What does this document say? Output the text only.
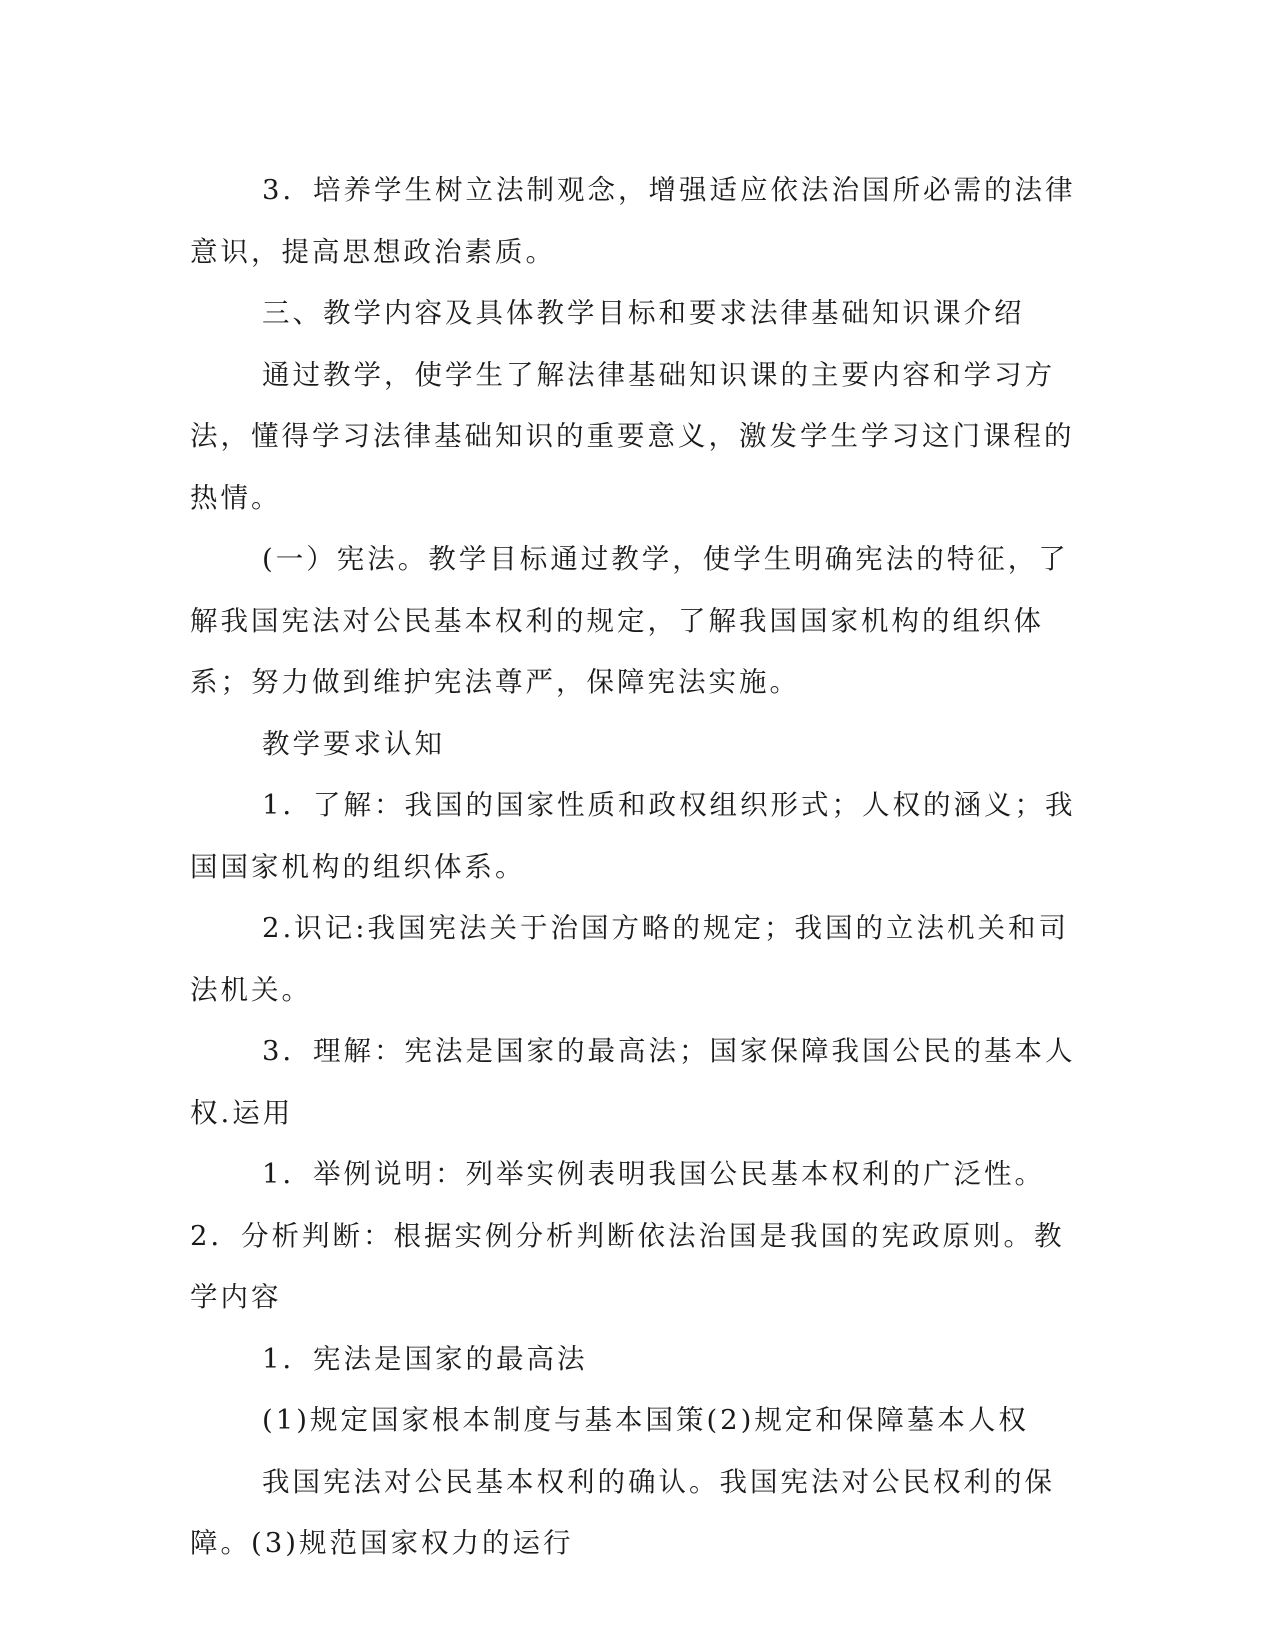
3．培养学生树立法制观念，增强适应依法治国所必需的法律意识，提高思想政治素质。

三、教学内容及具体教学目标和要求法律基础知识课介绍

通过教学，使学生了解法律基础知识课的主要内容和学习方法，懂得学习法律基础知识的重要意义，激发学生学习这门课程的热情。

(一）宪法。教学目标通过教学，使学生明确宪法的特征，了解我国宪法对公民基本权利的规定，了解我国国家机构的组织体系；努力做到维护宪法尊严，保障宪法实施。

教学要求认知

1．了解：我国的国家性质和政权组织形式；人权的涵义；我国国家机构的组织体系。

2.识记:我国宪法关于治国方略的规定；我国的立法机关和司法机关。

3．理解：宪法是国家的最高法；国家保障我国公民的基本人权.运用

1．举例说明：列举实例表明我国公民基本权利的广泛性。2．分析判断：根据实例分析判断依法治国是我国的宪政原则。教学内容

1．宪法是国家的最高法

(1)规定国家根本制度与基本国策(2)规定和保障墓本人权

我国宪法对公民基本权利的确认。我国宪法对公民权利的保障。(3)规范国家权力的运行
